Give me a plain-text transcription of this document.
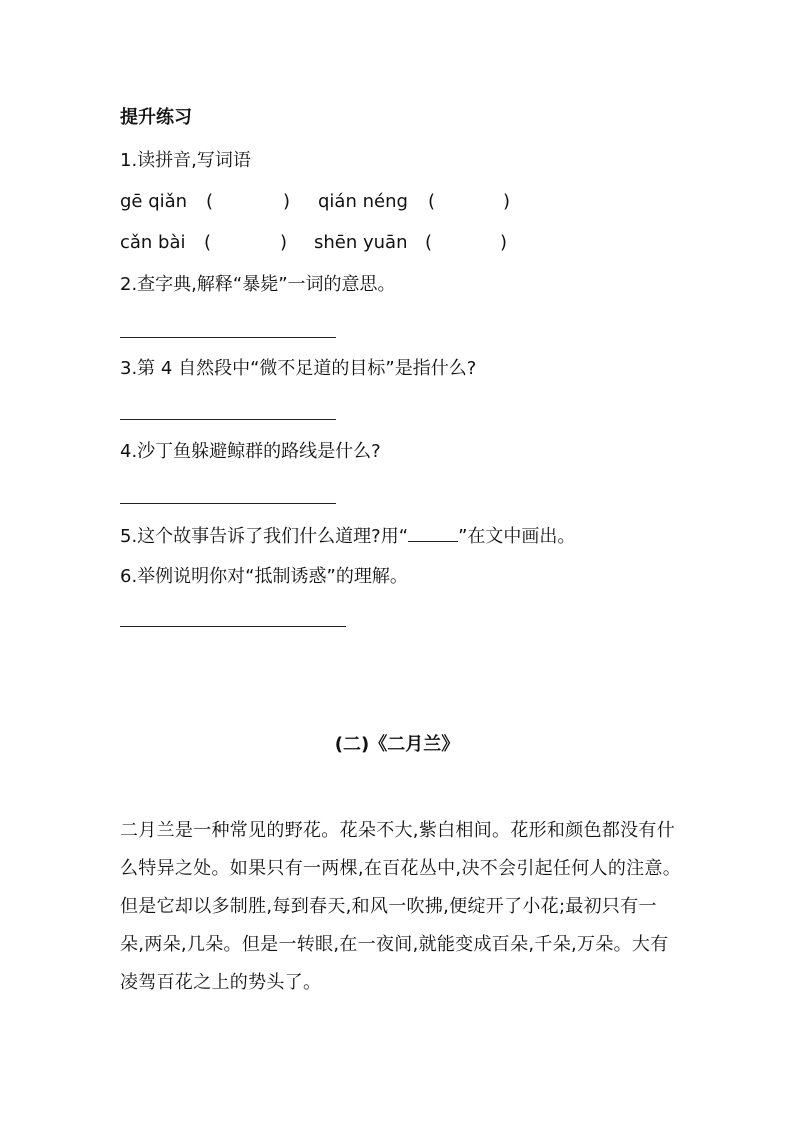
提升练习
1.读拼音,写词语
gē qiǎn (	) qián néng (	)
cǎn bài (	) shēn yuān (	)
2.查字典,解释“暴毙”一词的意思。
3.第 4 自然段中“微不足道的目标”是指什么?
4.沙丁鱼躲避鲸群的路线是什么?
5.这个故事告诉了我们什么道理?用“	”在文中画出。
6.举例说明你对“抵制诱惑”的理解。
(二)《二月兰》
二月兰是一种常见的野花。花朵不大,紫白相间。花形和颜色都没有什
么特异之处。如果只有一两棵,在百花丛中,决不会引起任何人的注意。
但是它却以多制胜,每到春天,和风一吹拂,便绽开了小花;最初只有一
朵,两朵,几朵。但是一转眼,在一夜间,就能变成百朵,千朵,万朵。大有
凌驾百花之上的势头了。
